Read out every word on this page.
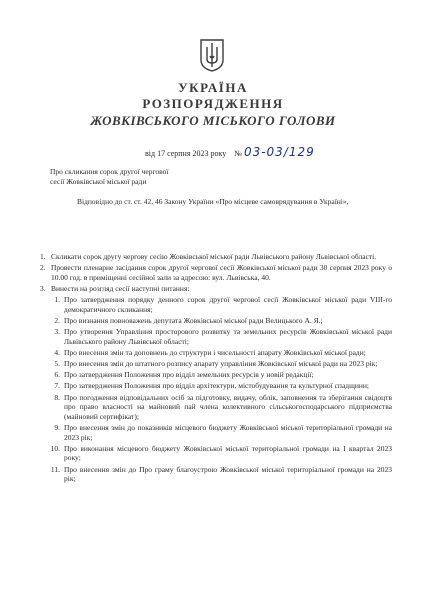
УКРАЇНА
РОЗПОРЯДЖЕННЯ
ЖОВКІВСЬКОГО МІСЬКОГО ГОЛОВИ
від 17 серпня 2023 року № 03-03/129
Про скликання сорок другої чергової
сесії Жовківської міської ради
Відповідно до ст. ст. 42, 46 Закону України «Про місцеве самоврядування в Україні»,
1. Скликати сорок другу чергову сесію Жовківської міської ради Львівського району Львівської області.
2. Провести пленарне засідання сорок другої чергової сесії Жовківської міської ради 30 серпня 2023 року о 10.00 год. в приміщенні сесійної зали за адресою: вул. Львівська, 40.
3. Винести на розгляд сесії наступні питання:
1. Про затвердження порядку денного сорок другої чергової сесії Жовківської міської ради VIII-го демократичного скликання;
2. Про визнання повноважень депутата Жовківської міської ради Велицького А. Я.;
3. Про утворення Управління просторового розвитку та земельних ресурсів Жовківської міської ради Львівського району Львівської області;
4. Про внесення змін та доповнень до структури і чисельності апарату Жовківської міської ради;
5. Про внесення змін до штатного розпису апарату управління Жовківської міської ради на 2023 рік;
6. Про затвердження Положення про відділ земельних ресурсів у новій редакції;
7. Про затвердження Положення про відділ архітектури, містобудування та культурної спадщини;
8. Про погодження відповідальних осіб за підготовку, видачу, облік, заповнення та зберігання свідоцтв про право власності на майновий пай члена колективного сільськогосподарського підприємства (майновий сертифікат);
9. Про внесення змін до показників місцевого бюджету Жовківської міської територіальної громади на 2023 рік;
10. Про виконання місцевого бюджету Жовківської міської територіальної громади на I квартал 2023 року;
11. Про внесення змін до Про граму благоустрою Жовківської міської територіальної громади на 2023 рік;
